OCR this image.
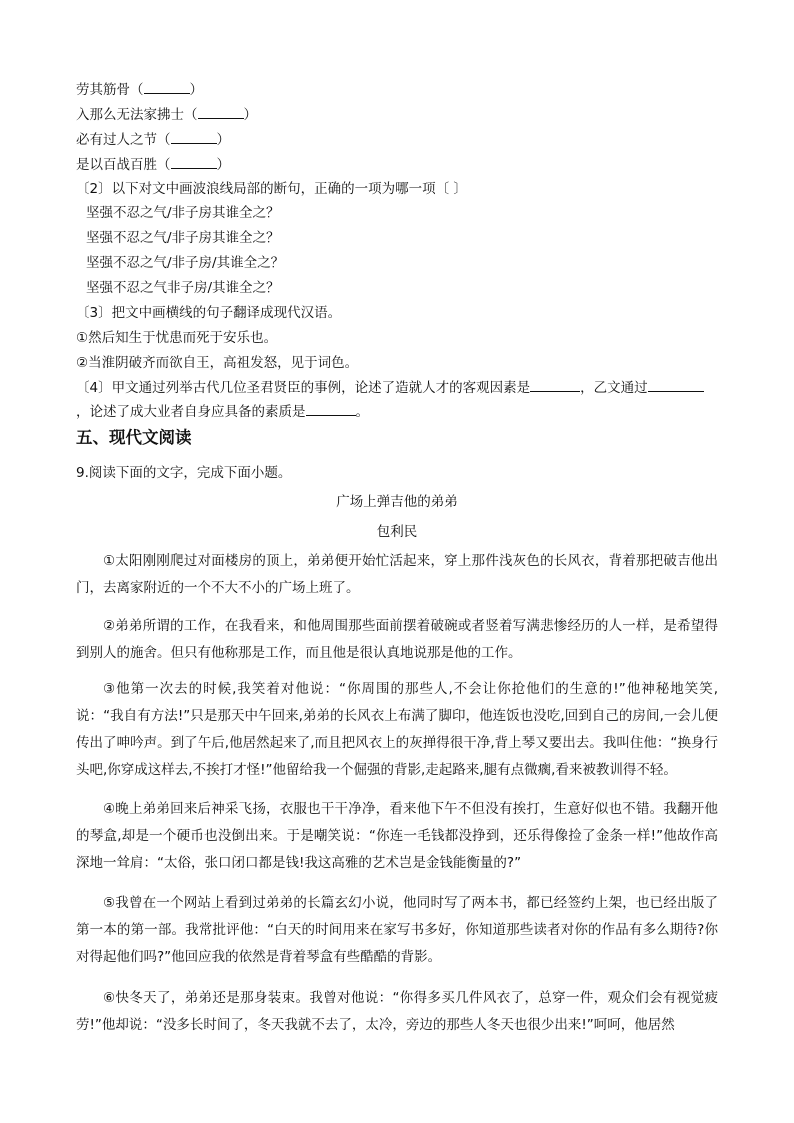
劳其筋骨（	）
入那么无法家拂士（	）
必有过人之节（	）
是以百战百胜（	）
〔2〕以下对文中画波浪线局部的断句，正确的一项为哪一项〔 〕
坚强不忍之气/非子房其谁全之？
坚强不忍之气/非子房其谁全之？
坚强不忍之气/非子房/其谁全之？
坚强不忍之气非子房/其谁全之？
〔3〕把文中画横线的句子翻译成现代汉语。
①然后知生于忧患而死于安乐也。
②当淮阴破齐而欲自王，高祖发怒，见于词色。
〔4〕甲文通过列举古代几位圣君贤臣的事例，论述了造就人才的客观因素是	，乙文通过
，论述了成大业者自身应具备的素质是	。
五、现代文阅读
9.阅读下面的文字，完成下面小题。
广场上弹吉他的弟弟
包利民
①太阳刚刚爬过对面楼房的顶上，弟弟便开始忙活起来，穿上那件浅灰色的长风衣，背着那把破吉他出门，去离家附近的一个不大不小的广场上班了。
②弟弟所谓的工作，在我看来，和他周围那些面前摆着破碗或者竖着写满悲惨经历的人一样，是希望得到别人的施舍。但只有他称那是工作，而且他是很认真地说那是他的工作。
③他第一次去的时候,我笑着对他说：“你周围的那些人,不会让你抢他们的生意的!”他神秘地笑笑,说：“我自有方法!”只是那天中午回来,弟弟的长风衣上布满了脚印，他连饭也没吃,回到自己的房间,一会儿便传出了呻吟声。到了午后,他居然起来了,而且把风衣上的灰掸得很干净,背上琴又要出去。我叫住他：“换身行头吧,你穿成这样去,不挨打才怪!”他留给我一个倔强的背影,走起路来,腿有点微瘸,看来被教训得不轻。
④晚上弟弟回来后神采飞扬，衣服也干干净净，看来他下午不但没有挨打，生意好似也不错。我翻开他的琴盒,却是一个硬币也没倒出来。于是嘲笑说：“你连一毛钱都没挣到，还乐得像捡了金条一样!”他故作高深地一耸肩：“太俗，张口闭口都是钱!我这高雅的艺术岂是金钱能衡量的?”
⑤我曾在一个网站上看到过弟弟的长篇玄幻小说，他同时写了两本书，都已经签约上架，也已经出版了第一本的第一部。我常批评他：“白天的时间用来在家写书多好，你知道那些读者对你的作品有多么期待?你对得起他们吗?”他回应我的依然是背着琴盒有些酷酷的背影。
⑥快冬天了，弟弟还是那身装束。我曾对他说：“你得多买几件风衣了，总穿一件，观众们会有视觉疲劳!”他却说：“没多长时间了，冬天我就不去了，太冷，旁边的那些人冬天也很少出来!”呵呵，他居然
